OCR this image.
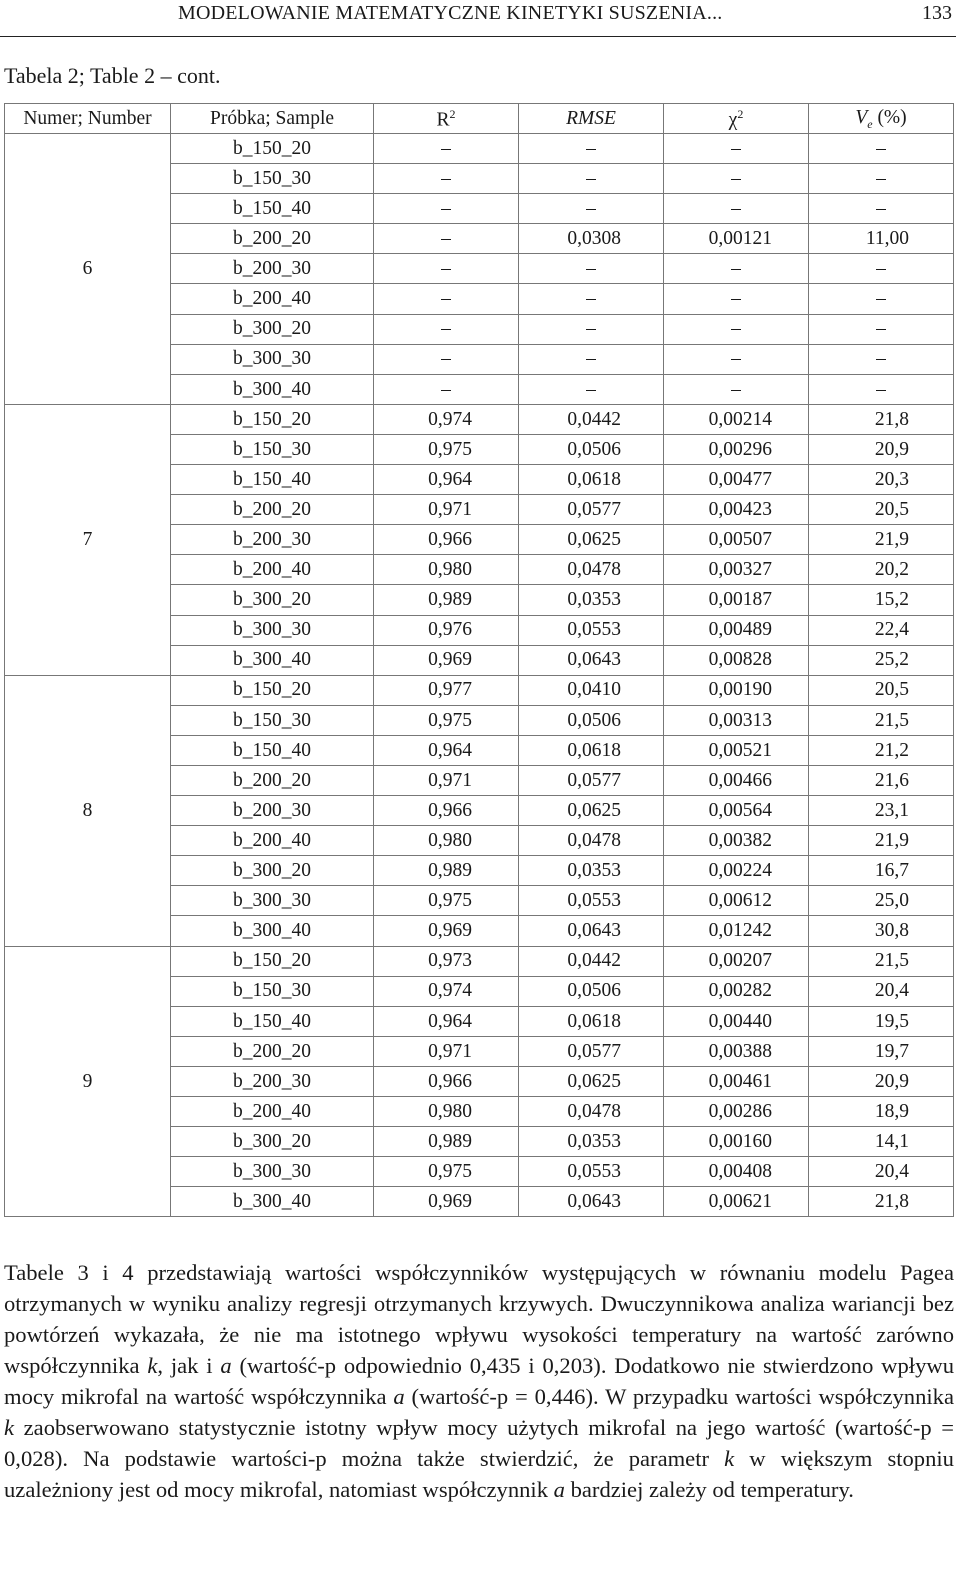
MODELOWANIE MATEMATYCZNE KINETYKI SUSZENIA...	133
Tabela 2; Table 2 – cont.
Numer; Number	Próbka; Sample	$R^2$	RMSE	$\chi^2$	$V_e$ (%)
6	b_150_20	–	–	–	–
	b_150_30	–	–	–	–
	b_150_40	–	–	–	–
	b_200_20	–	0,0308	0,00121	11,00
	b_200_30	–	–	–	–
	b_200_40	–	–	–	–
	b_300_20	–	–	–	–
	b_300_30	–	–	–	–
	b_300_40	–	–	–	–
7	b_150_20	0,974	0,0442	0,00214	21,8
	b_150_30	0,975	0,0506	0,00296	20,9
	b_150_40	0,964	0,0618	0,00477	20,3
	b_200_20	0,971	0,0577	0,00423	20,5
	b_200_30	0,966	0,0625	0,00507	21,9
	b_200_40	0,980	0,0478	0,00327	20,2
	b_300_20	0,989	0,0353	0,00187	15,2
	b_300_30	0,976	0,0553	0,00489	22,4
	b_300_40	0,969	0,0643	0,00828	25,2
8	b_150_20	0,977	0,0410	0,00190	20,5
	b_150_30	0,975	0,0506	0,00313	21,5
	b_150_40	0,964	0,0618	0,00521	21,2
	b_200_20	0,971	0,0577	0,00466	21,6
	b_200_30	0,966	0,0625	0,00564	23,1
	b_200_40	0,980	0,0478	0,00382	21,9
	b_300_20	0,989	0,0353	0,00224	16,7
	b_300_30	0,975	0,0553	0,00612	25,0
	b_300_40	0,969	0,0643	0,01242	30,8
9	b_150_20	0,973	0,0442	0,00207	21,5
	b_150_30	0,974	0,0506	0,00282	20,4
	b_150_40	0,964	0,0618	0,00440	19,5
	b_200_20	0,971	0,0577	0,00388	19,7
	b_200_30	0,966	0,0625	0,00461	20,9
	b_200_40	0,980	0,0478	0,00286	18,9
	b_300_20	0,989	0,0353	0,00160	14,1
	b_300_30	0,975	0,0553	0,00408	20,4
	b_300_40	0,969	0,0643	0,00621	21,8

Tabele 3 i 4 przedstawiają wartości współczynników występujących w równaniu modelu Pagea otrzymanych w wyniku analizy regresji otrzymanych krzywych. Dwuczynnikowa analiza wariancji bez powtórzeń wykazała, że nie ma istotnego wpływu wysokości temperatury na wartość zarówno współczynnika k, jak i a (wartość-p odpowiednio 0,435 i 0,203). Dodatkowo nie stwierdzono wpływu mocy mikrofal na wartość współczynnika a (wartość-p = 0,446). W przypadku wartości współczynnika k zaobserwowano statystycznie istotny wpływ mocy użytych mikrofal na jego wartość (wartość-p = 0,028). Na podstawie wartości-p można także stwierdzić, że parametr k w większym stopniu uzależniony jest od mocy mikrofal, natomiast współczynnik a bardziej zależy od temperatury.
